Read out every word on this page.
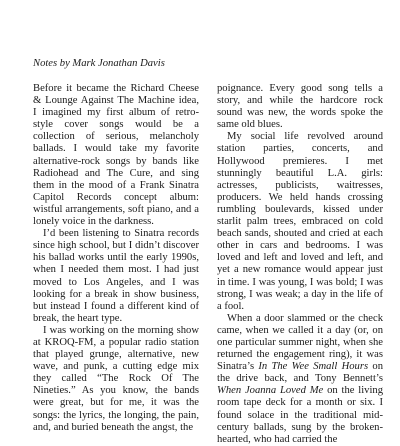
Notes by Mark Jonathan Davis

Before it became the Richard Cheese & Lounge Against The Machine idea, I imagined my first album of retro-style cover songs would be a collection of serious, melancholy ballads. I would take my favorite alternative-rock songs by bands like Radiohead and The Cure, and sing them in the mood of a Frank Sinatra Capitol Records concept album: wistful arrangements, soft piano, and a lonely voice in the darkness.

I’d been listening to Sinatra records since high school, but I didn’t discover his ballad works until the early 1990s, when I needed them most. I had just moved to Los Angeles, and I was looking for a break in show business, but instead I found a different kind of break, the heart type.

I was working on the morning show at KROQ-FM, a popular radio station that played grunge, alternative, new wave, and punk, a cutting edge mix they called “The Rock Of The Nineties.” As you know, the bands were great, but for me, it was the songs: the lyrics, the longing, the pain, and, and buried beneath the angst, the

poignance. Every good song tells a story, and while the hardcore rock sound was new, the words spoke the same old blues.

My social life revolved around station parties, concerts, and Hollywood premieres. I met stunningly beautiful L.A. girls: actresses, publicists, waitresses, producers. We held hands crossing rumbling boulevards, kissed under starlit palm trees, embraced on cold beach sands, shouted and cried at each other in cars and bedrooms. I was loved and left and loved and left, and yet a new romance would appear just in time. I was young, I was bold; I was strong, I was weak; a day in the life of a fool.

When a door slammed or the check came, when we called it a day (or, on one particular summer night, when she returned the engagement ring), it was Sinatra’s In The Wee Small Hours on the drive back, and Tony Bennett’s When Joanna Loved Me on the living room tape deck for a month or six. I found solace in the traditional mid-century ballads, sung by the broken-hearted, who had carried the
